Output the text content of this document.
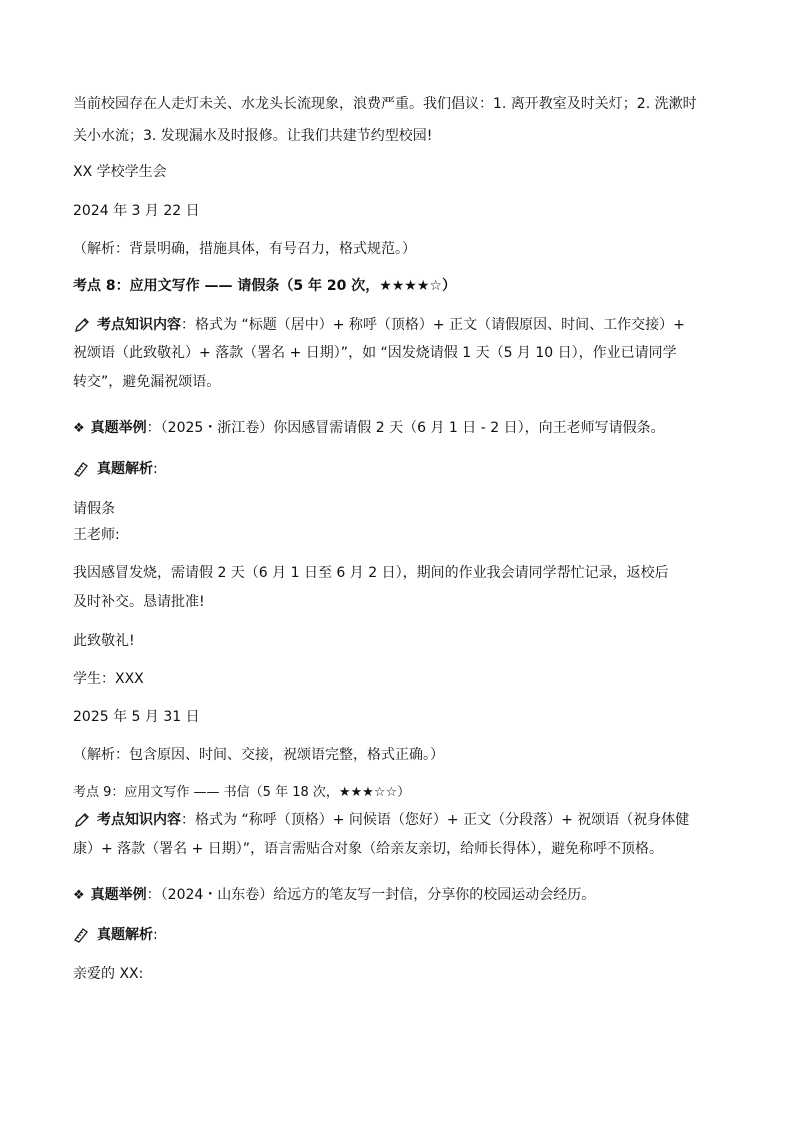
当前校园存在人走灯未关、水龙头长流现象，浪费严重。我们倡议：1. 离开教室及时关灯；2. 洗漱时
关小水流；3. 发现漏水及时报修。让我们共建节约型校园!
XX 学校学生会
2024 年 3 月 22 日
（解析：背景明确，措施具体，有号召力，格式规范。）
考点 8：应用文写作 —— 请假条（5 年 20 次，★★★★☆）
考点知识内容：格式为 “标题（居中）+ 称呼（顶格）+ 正文（请假原因、时间、工作交接）+
祝颂语（此致敬礼）+ 落款（署名 + 日期）”，如 “因发烧请假 1 天（5 月 10 日），作业已请同学
转交”，避免漏祝颂语。
❖ 真题举例：（2025・浙江卷）你因感冒需请假 2 天（6 月 1 日 - 2 日），向王老师写请假条。
真题解析:
请假条
王老师:
我因感冒发烧，需请假 2 天（6 月 1 日至 6 月 2 日），期间的作业我会请同学帮忙记录，返校后
及时补交。恳请批准!
此致敬礼!
学生：XXX
2025 年 5 月 31 日
（解析：包含原因、时间、交接，祝颂语完整，格式正确。）
考点 9：应用文写作 —— 书信（5 年 18 次，★★★☆☆）
考点知识内容：格式为 “称呼（顶格）+ 问候语（您好）+ 正文（分段落）+ 祝颂语（祝身体健
康）+ 落款（署名 + 日期）”，语言需贴合对象（给亲友亲切，给师长得体），避免称呼不顶格。
❖ 真题举例：（2024・山东卷）给远方的笔友写一封信，分享你的校园运动会经历。
真题解析:
亲爱的 XX:
